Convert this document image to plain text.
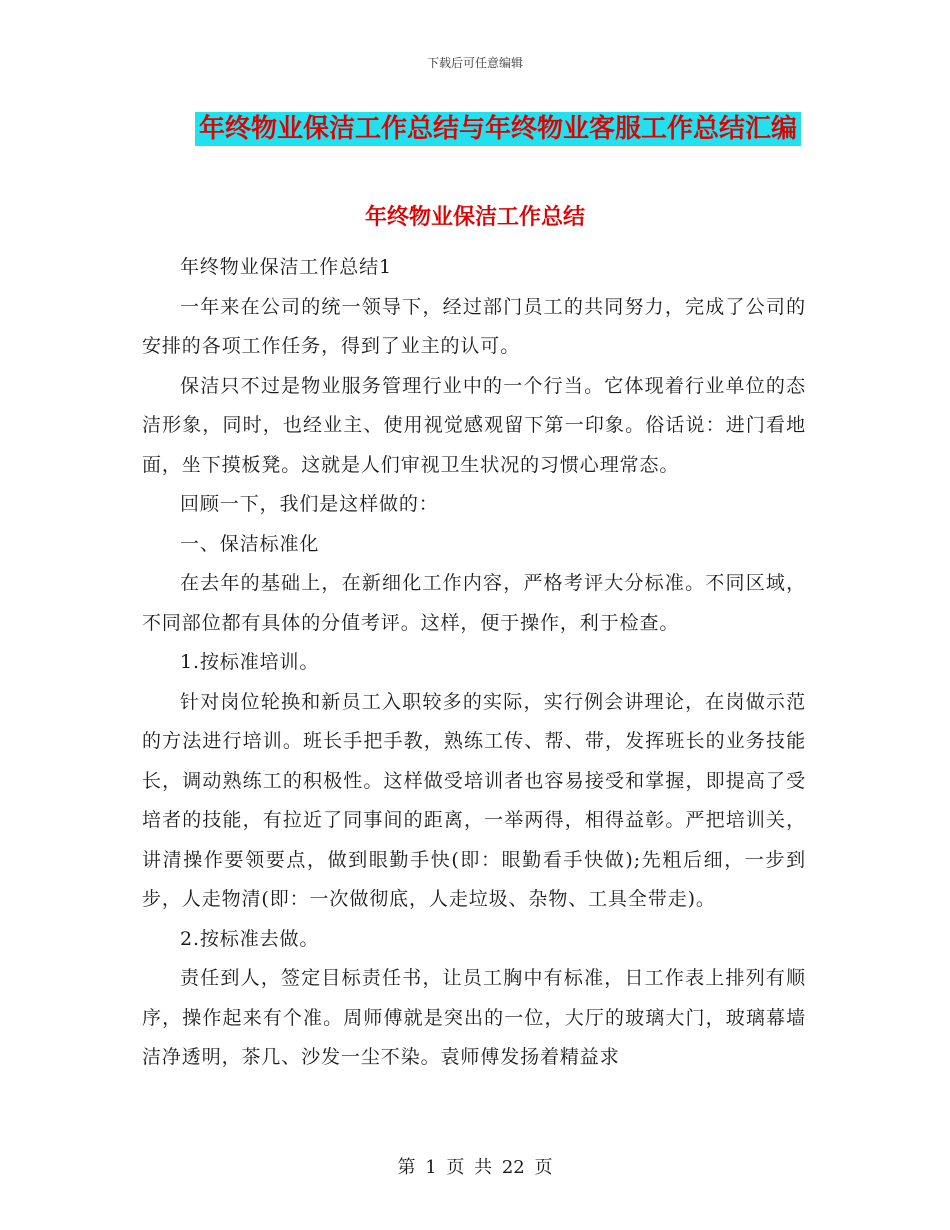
下载后可任意编辑
年终物业保洁工作总结与年终物业客服工作总结汇编
年终物业保洁工作总结

年终物业保洁工作总结1

一年来在公司的统一领导下，经过部门员工的共同努力，完成了公司的安排的各项工作任务，得到了业主的认可。

保洁只不过是物业服务管理行业中的一个行当。它体现着行业单位的态洁形象，同时，也经业主、使用视觉感观留下第一印象。俗话说：进门看地面，坐下摸板凳。这就是人们审视卫生状况的习惯心理常态。

回顾一下，我们是这样做的：

一、保洁标准化

在去年的基础上，在新细化工作内容，严格考评大分标准。不同区域，不同部位都有具体的分值考评。这样，便于操作，利于检查。

1.按标准培训。

针对岗位轮换和新员工入职较多的实际，实行例会讲理论，在岗做示范的方法进行培训。班长手把手教，熟练工传、帮、带，发挥班长的业务技能长，调动熟练工的积极性。这样做受培训者也容易接受和掌握，即提高了受培者的技能，有拉近了同事间的距离，一举两得，相得益彰。严把培训关，讲清操作要领要点，做到眼勤手快(即：眼勤看手快做);先粗后细，一步到步，人走物清(即：一次做彻底，人走垃圾、杂物、工具全带走)。

2.按标准去做。

责任到人，签定目标责任书，让员工胸中有标准，日工作表上排列有顺序，操作起来有个准。周师傅就是突出的一位，大厅的玻璃大门，玻璃幕墙洁净透明，茶几、沙发一尘不染。袁师傅发扬着精益求

第 1 页 共 22 页
